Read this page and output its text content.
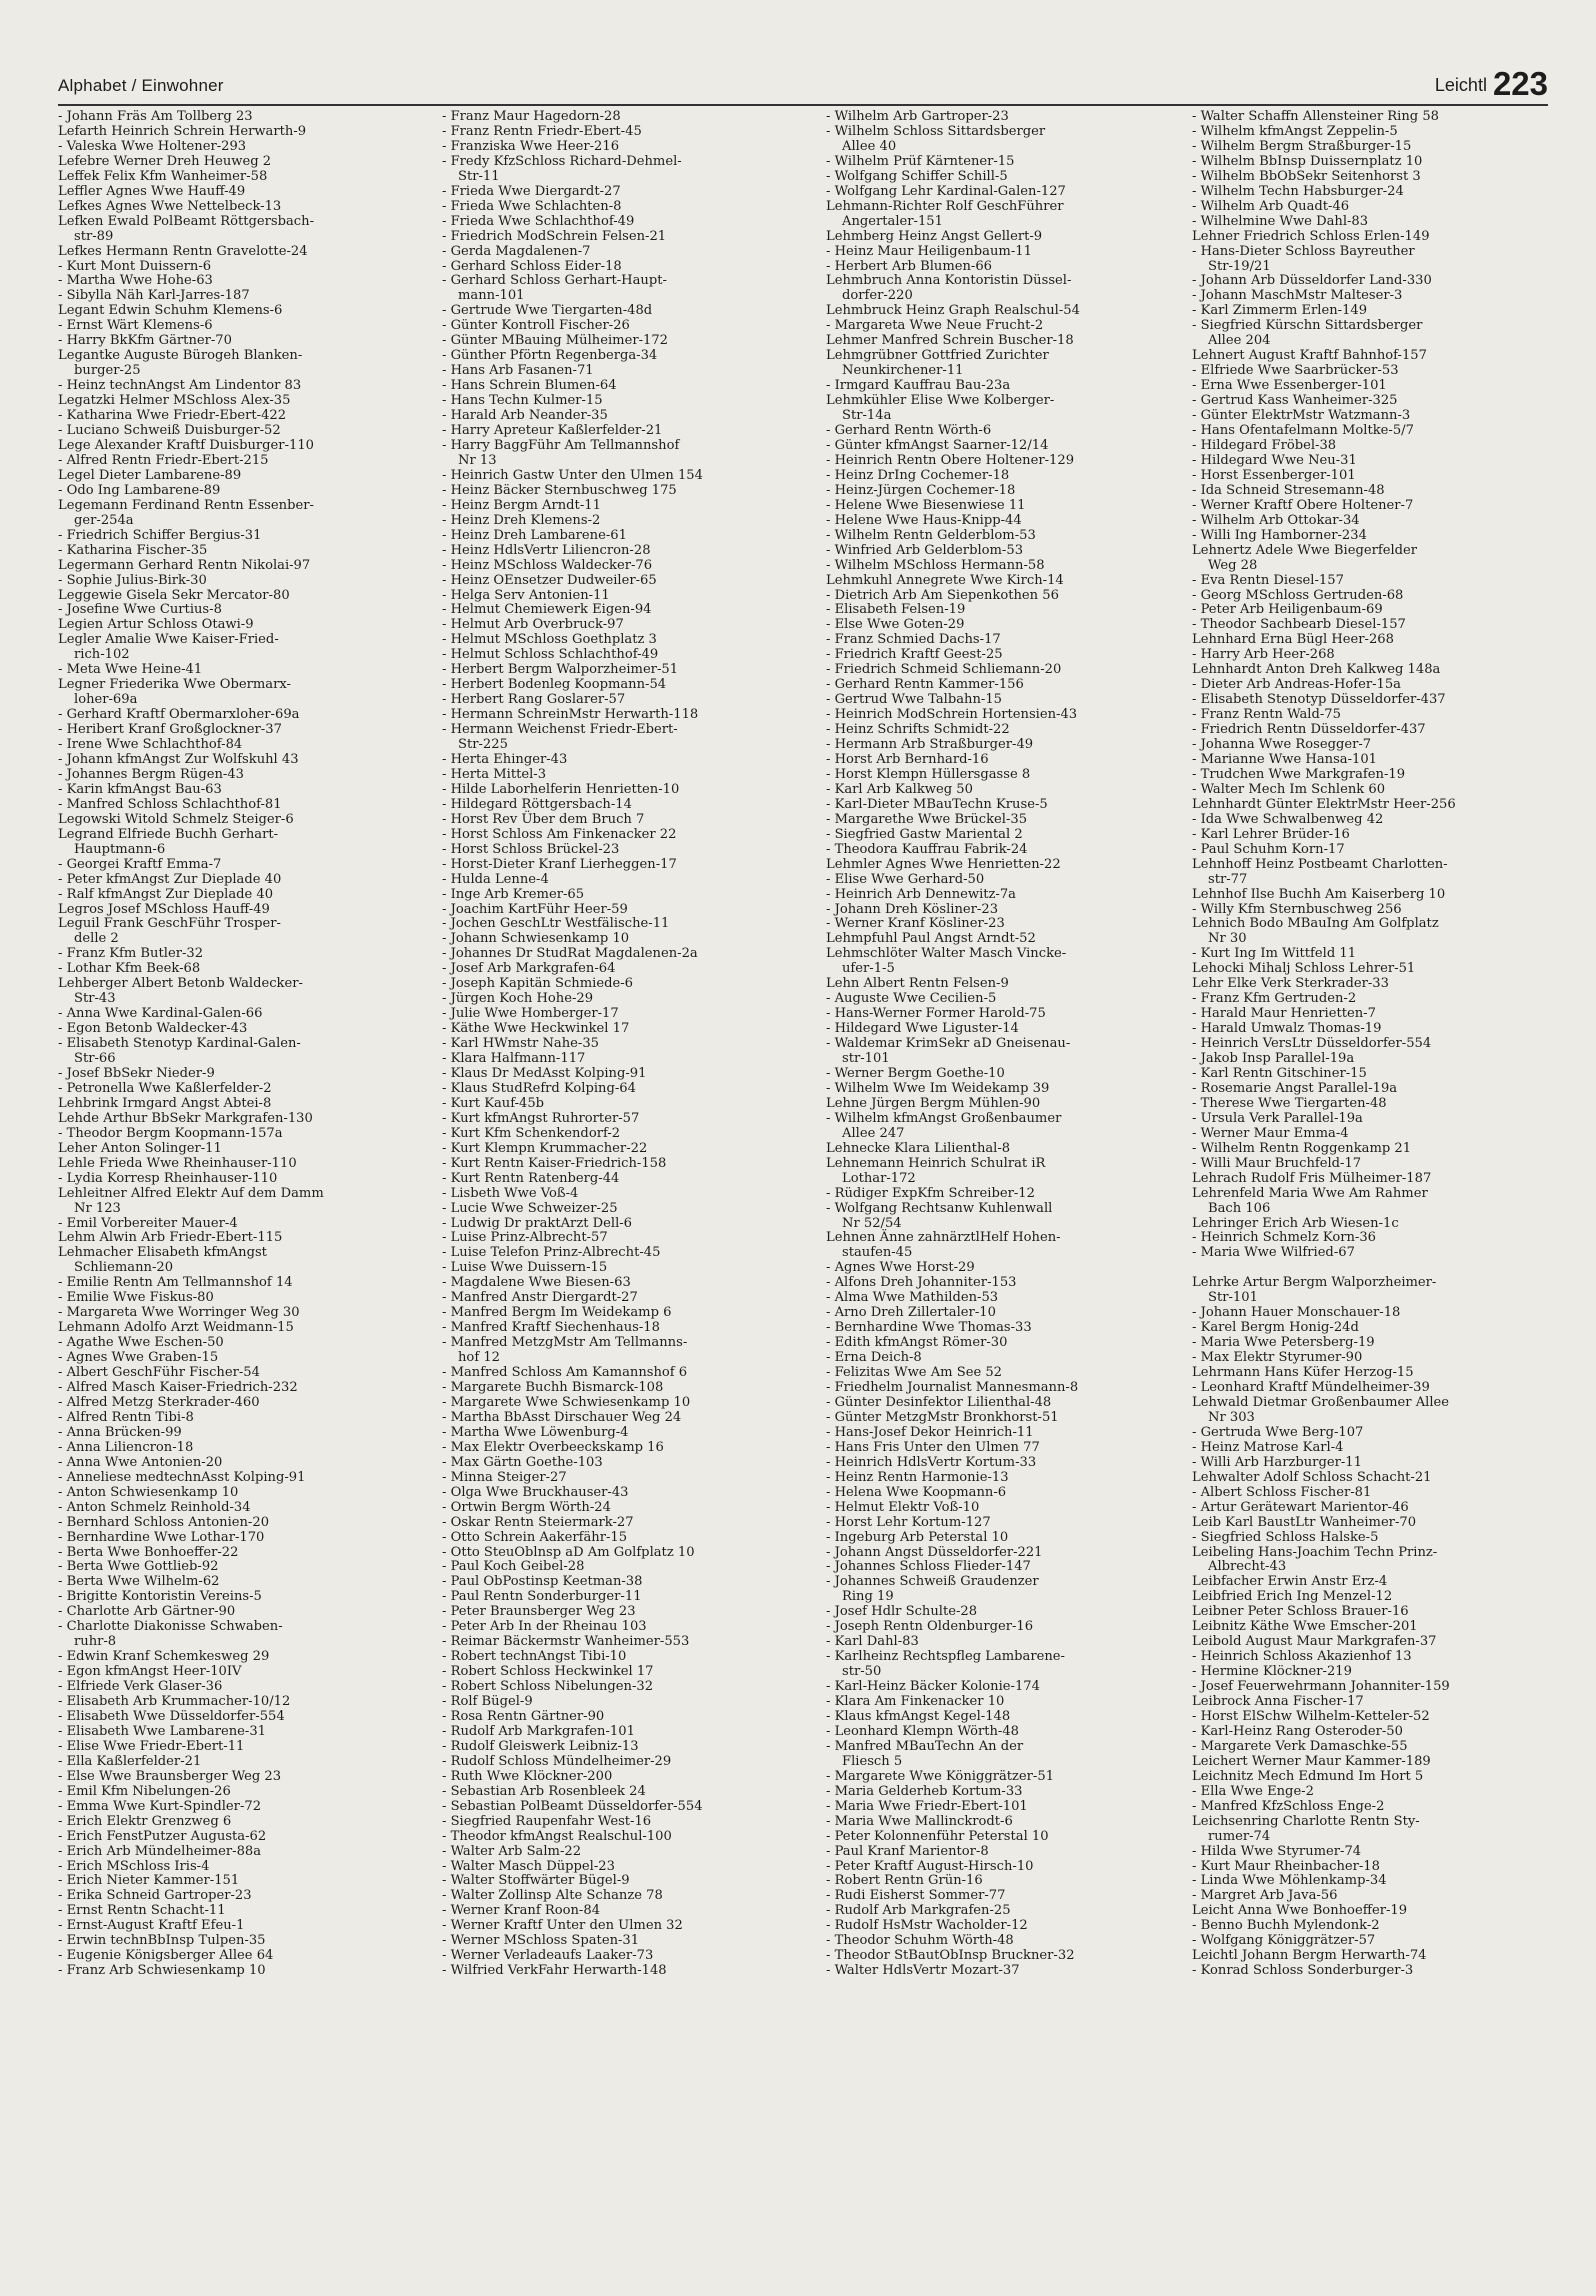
Alphabet / Einwohner	Leichtl 223
- Johann Fräs Am Tollberg 23
Lefarth Heinrich Schrein Herwarth-9
- Valeska Wwe Holtener-293
Lefebre Werner Dreh Heuweg 2
Leffek Felix Kfm Wanheimer-58
Leffler Agnes Wwe Hauff-49
Lefkes Agnes Wwe Nettelbeck-13
Lefken Ewald PolBeamt Röttgersbach-
str-89
Lefkes Hermann Rentn Gravelotte-24
- Kurt Mont Duissern-6
- Martha Wwe Hohe-63
- Sibylla Näh Karl-Jarres-187
Legant Edwin Schuhm Klemens-6
- Ernst Wärt Klemens-6
- Harry BkKfm Gärtner-70
Legantke Auguste Bürogeh Blanken-
burger-25
- Heinz technAngst Am Lindentor 83
Legatzki Helmer MSchloss Alex-35
- Katharina Wwe Friedr-Ebert-422
- Luciano Schweiß Duisburger-52
Lege Alexander Kraftf Duisburger-110
- Alfred Rentn Friedr-Ebert-215
Legel Dieter Lambarene-89
- Odo Ing Lambarene-89
Legemann Ferdinand Rentn Essenber-
ger-254a
- Friedrich Schiffer Bergius-31
- Katharina Fischer-35
Legermann Gerhard Rentn Nikolai-97
- Sophie Julius-Birk-30
Leggewie Gisela Sekr Mercator-80
- Josefine Wwe Curtius-8
Legien Artur Schloss Otawi-9
Legler Amalie Wwe Kaiser-Fried-
rich-102
- Meta Wwe Heine-41
Legner Friederika Wwe Obermarx-
loher-69a
- Gerhard Kraftf Obermarxloher-69a
- Heribert Kranf Großglockner-37
- Irene Wwe Schlachthof-84
- Johann kfmAngst Zur Wolfskuhl 43
- Johannes Bergm Rügen-43
- Karin kfmAngst Bau-63
- Manfred Schloss Schlachthof-81
Legowski Witold Schmelz Steiger-6
Legrand Elfriede Buchh Gerhart-
Hauptmann-6
- Georgei Kraftf Emma-7
- Peter kfmAngst Zur Dieplade 40
- Ralf kfmAngst Zur Dieplade 40
Legros Josef MSchloss Hauff-49
Leguil Frank GeschFühr Trosper-
delle 2
- Franz Kfm Butler-32
- Lothar Kfm Beek-68
Lehberger Albert Betonb Waldecker-
Str-43
- Anna Wwe Kardinal-Galen-66
- Egon Betonb Waldecker-43
- Elisabeth Stenotyp Kardinal-Galen-
Str-66
- Josef BbSekr Nieder-9
- Petronella Wwe Kaßlerfelder-2
Lehbrink Irmgard Angst Abtei-8
Lehde Arthur BbSekr Markgrafen-130
- Theodor Bergm Koopmann-157a
Leher Anton Solinger-11
Lehle Frieda Wwe Rheinhauser-110
- Lydia Korresp Rheinhauser-110
Lehleitner Alfred Elektr Auf dem Damm
Nr 123
- Emil Vorbereiter Mauer-4
Lehm Alwin Arb Friedr-Ebert-115
Lehmacher Elisabeth kfmAngst
Schliemann-20
- Emilie Rentn Am Tellmannshof 14
- Emilie Wwe Fiskus-80
- Margareta Wwe Worringer Weg 30
Lehmann Adolfo Arzt Weidmann-15
- Agathe Wwe Eschen-50
- Agnes Wwe Graben-15
- Albert GeschFühr Fischer-54
- Alfred Masch Kaiser-Friedrich-232
- Alfred Metzg Sterkrader-460
- Alfred Rentn Tibi-8
- Anna Brücken-99
- Anna Liliencron-18
- Anna Wwe Antonien-20
- Anneliese medtechnAsst Kolping-91
- Anton Schwiesenkamp 10
- Anton Schmelz Reinhold-34
- Bernhard Schloss Antonien-20
- Bernhardine Wwe Lothar-170
- Berta Wwe Bonhoeffer-22
- Berta Wwe Gottlieb-92
- Berta Wwe Wilhelm-62
- Brigitte Kontoristin Vereins-5
- Charlotte Arb Gärtner-90
- Charlotte Diakonisse Schwaben-
ruhr-8
- Edwin Kranf Schemkesweg 29
- Egon kfmAngst Heer-10IV
- Elfriede Verk Glaser-36
- Elisabeth Arb Krummacher-10/12
- Elisabeth Wwe Düsseldorfer-554
- Elisabeth Wwe Lambarene-31
- Elise Wwe Friedr-Ebert-11
- Ella Kaßlerfelder-21
- Else Wwe Braunsberger Weg 23
- Emil Kfm Nibelungen-26
- Emma Wwe Kurt-Spindler-72
- Erich Elektr Grenzweg 6
- Erich FenstPutzer Augusta-62
- Erich Arb Mündelheimer-88a
- Erich MSchloss Iris-4
- Erich Nieter Kammer-151
- Erika Schneid Gartroper-23
- Ernst Rentn Schacht-11
- Ernst-August Kraftf Efeu-1
- Erwin technBbInsp Tulpen-35
- Eugenie Königsberger Allee 64
- Franz Arb Schwiesenkamp 10
- Franz Maur Hagedorn-28
- Franz Rentn Friedr-Ebert-45
- Franziska Wwe Heer-216
- Fredy KfzSchloss Richard-Dehmel-
Str-11
- Frieda Wwe Diergardt-27
- Frieda Wwe Schlachten-8
- Frieda Wwe Schlachthof-49
- Friedrich ModSchrein Felsen-21
- Gerda Magdalenen-7
- Gerhard Schloss Eider-18
- Gerhard Schloss Gerhart-Haupt-
mann-101
- Gertrude Wwe Tiergarten-48d
- Günter Kontroll Fischer-26
- Günter MBauing Mülheimer-172
- Günther Pförtn Regenberga-34
- Hans Arb Fasanen-71
- Hans Schrein Blumen-64
- Hans Techn Kulmer-15
- Harald Arb Neander-35
- Harry Apreteur Kaßlerfelder-21
- Harry BaggFühr Am Tellmannshof
Nr 13
- Heinrich Gastw Unter den Ulmen 154
- Heinz Bäcker Sternbuschweg 175
- Heinz Bergm Arndt-11
- Heinz Dreh Klemens-2
- Heinz Dreh Lambarene-61
- Heinz HdlsVertr Liliencron-28
- Heinz MSchloss Waldecker-76
- Heinz OEnsetzer Dudweiler-65
- Helga Serv Antonien-11
- Helmut Chemiewerk Eigen-94
- Helmut Arb Overbruck-97
- Helmut MSchloss Goethplatz 3
- Helmut Schloss Schlachthof-49
- Herbert Bergm Walporzheimer-51
- Herbert Bodenleg Koopmann-54
- Herbert Rang Goslarer-57
- Hermann SchreinMstr Herwarth-118
- Hermann Weichenst Friedr-Ebert-
Str-225
- Herta Ehinger-43
- Herta Mittel-3
- Hilde Laborhelferin Henrietten-10
- Hildegard Röttgersbach-14
- Horst Rev Über dem Bruch 7
- Horst Schloss Am Finkenacker 22
- Horst Schloss Brückel-23
- Horst-Dieter Kranf Lierheggen-17
- Hulda Lenne-4
- Inge Arb Kremer-65
- Joachim KartFühr Heer-59
- Jochen GeschLtr Westfälische-11
- Johann Schwiesenkamp 10
- Johannes Dr StudRat Magdalenen-2a
- Josef Arb Markgrafen-64
- Joseph Kapitän Schmiede-6
- Jürgen Koch Hohe-29
- Julie Wwe Homberger-17
- Käthe Wwe Heckwinkel 17
- Karl HWmstr Nahe-35
- Klara Halfmann-117
- Klaus Dr MedAsst Kolping-91
- Klaus StudRefrd Kolping-64
- Kurt Kauf-45b
- Kurt kfmAngst Ruhrorter-57
- Kurt Kfm Schenkendorf-2
- Kurt Klempn Krummacher-22
- Kurt Rentn Kaiser-Friedrich-158
- Kurt Rentn Ratenberg-44
- Lisbeth Wwe Voß-4
- Lucie Wwe Schweizer-25
- Ludwig Dr praktArzt Dell-6
- Luise Prinz-Albrecht-57
- Luise Telefon Prinz-Albrecht-45
- Luise Wwe Duissern-15
- Magdalene Wwe Biesen-63
- Manfred Anstr Diergardt-27
- Manfred Bergm Im Weidekamp 6
- Manfred Kraftf Siechenhaus-18
- Manfred MetzgMstr Am Tellmanns-
hof 12
- Manfred Schloss Am Kamannshof 6
- Margarete Buchh Bismarck-108
- Margarete Wwe Schwiesenkamp 10
- Martha BbAsst Dirschauer Weg 24
- Martha Wwe Löwenburg-4
- Max Elektr Overbeeckskamp 16
- Max Gärtn Goethe-103
- Minna Steiger-27
- Olga Wwe Bruckhauser-43
- Ortwin Bergm Wörth-24
- Oskar Rentn Steiermark-27
- Otto Schrein Aakerfähr-15
- Otto SteuOblnsp aD Am Golfplatz 10
- Paul Koch Geibel-28
- Paul ObPostinsp Keetman-38
- Paul Rentn Sonderburger-11
- Peter Braunsberger Weg 23
- Peter Arb In der Rheinau 103
- Reimar Bäckermstr Wanheimer-553
- Robert technAngst Tibi-10
- Robert Schloss Heckwinkel 17
- Robert Schloss Nibelungen-32
- Rolf Bügel-9
- Rosa Rentn Gärtner-90
- Rudolf Arb Markgrafen-101
- Rudolf Gleiswerk Leibniz-13
- Rudolf Schloss Mündelheimer-29
- Ruth Wwe Klöckner-200
- Sebastian Arb Rosenbleek 24
- Sebastian PolBeamt Düsseldorfer-554
- Siegfried Raupenfahr West-16
- Theodor kfmAngst Realschul-100
- Walter Arb Salm-22
- Walter Masch Düppel-23
- Walter Stoffwärter Bügel-9
- Walter Zollinsp Alte Schanze 78
- Werner Kranf Roon-84
- Werner Kraftf Unter den Ulmen 32
- Werner MSchloss Spaten-31
- Werner Verladeaufs Laaker-73
- Wilfried VerkFahr Herwarth-148
- Wilhelm Arb Gartroper-23
- Wilhelm Schloss Sittardsberger
Allee 40
- Wilhelm Prüf Kärntener-15
- Wolfgang Schiffer Schill-5
- Wolfgang Lehr Kardinal-Galen-127
Lehmann-Richter Rolf GeschFührer
Angertaler-151
Lehmberg Heinz Angst Gellert-9
- Heinz Maur Heiligenbaum-11
- Herbert Arb Blumen-66
Lehmbruch Anna Kontoristin Düssel-
dorfer-220
Lehmbruck Heinz Graph Realschul-54
- Margareta Wwe Neue Frucht-2
Lehmer Manfred Schrein Buscher-18
Lehmgrübner Gottfried Zurichter
Neunkirchener-11
- Irmgard Kauffrau Bau-23a
Lehmkühler Elise Wwe Kolberger-
Str-14a
- Gerhard Rentn Wörth-6
- Günter kfmAngst Saarner-12/14
- Heinrich Rentn Obere Holtener-129
- Heinz DrIng Cochemer-18
- Heinz-Jürgen Cochemer-18
- Helene Wwe Biesenwiese 11
- Helene Wwe Haus-Knipp-44
- Wilhelm Rentn Gelderblom-53
- Winfried Arb Gelderblom-53
- Wilhelm MSchloss Hermann-58
Lehmkuhl Annegrete Wwe Kirch-14
- Dietrich Arb Am Siepenkothen 56
- Elisabeth Felsen-19
- Else Wwe Goten-29
- Franz Schmied Dachs-17
- Friedrich Kraftf Geest-25
- Friedrich Schmeid Schliemann-20
- Gerhard Rentn Kammer-156
- Gertrud Wwe Talbahn-15
- Heinrich ModSchrein Hortensien-43
- Heinz Schrifts Schmidt-22
- Hermann Arb Straßburger-49
- Horst Arb Bernhard-16
- Horst Klempn Hüllersgasse 8
- Karl Arb Kalkweg 50
- Karl-Dieter MBauTechn Kruse-5
- Margarethe Wwe Brückel-35
- Siegfried Gastw Mariental 2
- Theodora Kauffrau Fabrik-24
Lehmler Agnes Wwe Henrietten-22
- Elise Wwe Gerhard-50
- Heinrich Arb Dennewitz-7a
- Johann Dreh Kösliner-23
- Werner Kranf Kösliner-23
Lehmpfuhl Paul Angst Arndt-52
Lehmschlöter Walter Masch Vincke-
ufer-1-5
Lehn Albert Rentn Felsen-9
- Auguste Wwe Cecilien-5
- Hans-Werner Former Harold-75
- Hildegard Wwe Liguster-14
- Waldemar KrimSekr aD Gneisenau-
str-101
- Werner Bergm Goethe-10
- Wilhelm Wwe Im Weidekamp 39
Lehne Jürgen Bergm Mühlen-90
- Wilhelm kfmAngst Großenbaumer
Allee 247
Lehnecke Klara Lilienthal-8
Lehnemann Heinrich Schulrat iR
Lothar-172
- Rüdiger ExpKfm Schreiber-12
- Wolfgang Rechtsanw Kuhlenwall
Nr 52/54
Lehnen Änne zahnärztlHelf Hohen-
staufen-45
- Agnes Wwe Horst-29
- Alfons Dreh Johanniter-153
- Alma Wwe Mathilden-53
- Arno Dreh Zillertaler-10
- Bernhardine Wwe Thomas-33
- Edith kfmAngst Römer-30
- Erna Deich-8
- Felizitas Wwe Am See 52
- Friedhelm Journalist Mannesmann-8
- Günter Desinfektor Lilienthal-48
- Günter MetzgMstr Bronkhorst-51
- Hans-Josef Dekor Heinrich-11
- Hans Fris Unter den Ulmen 77
- Heinrich HdlsVertr Kortum-33
- Heinz Rentn Harmonie-13
- Helena Wwe Koopmann-6
- Helmut Elektr Voß-10
- Horst Lehr Kortum-127
- Ingeburg Arb Peterstal 10
- Johann Angst Düsseldorfer-221
- Johannes Schloss Flieder-147
- Johannes Schweiß Graudenzer
Ring 19
- Josef Hdlr Schulte-28
- Joseph Rentn Oldenburger-16
- Karl Dahl-83
- Karlheinz Rechtspfleg Lambarene-
str-50
- Karl-Heinz Bäcker Kolonie-174
- Klara Am Finkenacker 10
- Klaus kfmAngst Kegel-148
- Leonhard Klempn Wörth-48
- Manfred MBauTechn An der
Fliesch 5
- Margarete Wwe Königgrätzer-51
- Maria Gelderheb Kortum-33
- Maria Wwe Friedr-Ebert-101
- Maria Wwe Mallinckrodt-6
- Peter Kolonnenführ Peterstal 10
- Paul Kranf Marientor-8
- Peter Kraftf August-Hirsch-10
- Robert Rentn Grün-16
- Rudi Eisherst Sommer-77
- Rudolf Arb Markgrafen-25
- Rudolf HsMstr Wacholder-12
- Theodor Schuhm Wörth-48
- Theodor StBautObInsp Bruckner-32
- Walter HdlsVertr Mozart-37
- Walter Schaffn Allensteiner Ring 58
- Wilhelm kfmAngst Zeppelin-5
- Wilhelm Bergm Straßburger-15
- Wilhelm BbInsp Duissernplatz 10
- Wilhelm BbObSekr Seitenhorst 3
- Wilhelm Techn Habsburger-24
- Wilhelm Arb Quadt-46
- Wilhelmine Wwe Dahl-83
Lehner Friedrich Schloss Erlen-149
- Hans-Dieter Schloss Bayreuther
Str-19/21
- Johann Arb Düsseldorfer Land-330
- Johann MaschMstr Malteser-3
- Karl Zimmerm Erlen-149
- Siegfried Kürschn Sittardsberger
Allee 204
Lehnert August Kraftf Bahnhof-157
- Elfriede Wwe Saarbrücker-53
- Erna Wwe Essenberger-101
- Gertrud Kass Wanheimer-325
- Günter ElektrMstr Watzmann-3
- Hans Ofentafelmann Moltke-5/7
- Hildegard Fröbel-38
- Hildegard Wwe Neu-31
- Horst Essenberger-101
- Ida Schneid Stresemann-48
- Werner Kraftf Obere Holtener-7
- Wilhelm Arb Ottokar-34
- Willi Ing Hamborner-234
Lehnertz Adele Wwe Biegerfelder
Weg 28
- Eva Rentn Diesel-157
- Georg MSchloss Gertruden-68
- Peter Arb Heiligenbaum-69
- Theodor Sachbearb Diesel-157
Lehnhard Erna Bügl Heer-268
- Harry Arb Heer-268
Lehnhardt Anton Dreh Kalkweg 148a
- Dieter Arb Andreas-Hofer-15a
- Elisabeth Stenotyp Düsseldorfer-437
- Franz Rentn Wald-75
- Friedrich Rentn Düsseldorfer-437
- Johanna Wwe Rosegger-7
- Marianne Wwe Hansa-101
- Trudchen Wwe Markgrafen-19
- Walter Mech Im Schlenk 60
Lehnhardt Günter ElektrMstr Heer-256
- Ida Wwe Schwalbenweg 42
- Karl Lehrer Brüder-16
- Paul Schuhm Korn-17
Lehnhoff Heinz Postbeamt Charlotten-
str-77
Lehnhof Ilse Buchh Am Kaiserberg 10
- Willy Kfm Sternbuschweg 256
Lehnich Bodo MBauIng Am Golfplatz
Nr 30
- Kurt Ing Im Wittfeld 11
Lehocki Mihalj Schloss Lehrer-51
Lehr Elke Verk Sterkrader-33
- Franz Kfm Gertruden-2
- Harald Maur Henrietten-7
- Harald Umwalz Thomas-19
- Heinrich VersLtr Düsseldorfer-554
- Jakob Insp Parallel-19a
- Karl Rentn Gitschiner-15
- Rosemarie Angst Parallel-19a
- Therese Wwe Tiergarten-48
- Ursula Verk Parallel-19a
- Werner Maur Emma-4
- Wilhelm Rentn Roggenkamp 21
- Willi Maur Bruchfeld-17
Lehrach Rudolf Fris Mülheimer-187
Lehrenfeld Maria Wwe Am Rahmer
Bach 106
Lehringer Erich Arb Wiesen-1c
- Heinrich Schmelz Korn-36
- Maria Wwe Wilfried-67

Lehrke Artur Bergm Walporzheimer-
Str-101
- Johann Hauer Monschauer-18
- Karel Bergm Honig-24d
- Maria Wwe Petersberg-19
- Max Elektr Styrumer-90
Lehrmann Hans Küfer Herzog-15
- Leonhard Kraftf Mündelheimer-39
Lehwald Dietmar Großenbaumer Allee
Nr 303
- Gertruda Wwe Berg-107
- Heinz Matrose Karl-4
- Willi Arb Harzburger-11
Lehwalter Adolf Schloss Schacht-21
- Albert Schloss Fischer-81
- Artur Gerätewart Marientor-46
Leib Karl BaustLtr Wanheimer-70
- Siegfried Schloss Halske-5
Leibeling Hans-Joachim Techn Prinz-
Albrecht-43
Leibfacher Erwin Anstr Erz-4
Leibfried Erich Ing Menzel-12
Leibner Peter Schloss Brauer-16
Leibnitz Käthe Wwe Emscher-201
Leibold August Maur Markgrafen-37
- Heinrich Schloss Akazienhof 13
- Hermine Klöckner-219
- Josef Feuerwehrmann Johanniter-159
Leibrock Anna Fischer-17
- Horst ElSchw Wilhelm-Ketteler-52
- Karl-Heinz Rang Osteroder-50
- Margarete Verk Damaschke-55
Leichert Werner Maur Kammer-189
Leichnitz Mech Edmund Im Hort 5
- Ella Wwe Enge-2
- Manfred KfzSchloss Enge-2
Leichsenring Charlotte Rentn Sty-
rumer-74
- Hilda Wwe Styrumer-74
- Kurt Maur Rheinbacher-18
- Linda Wwe Möhlenkamp-34
- Margret Arb Java-56
Leicht Anna Wwe Bonhoeffer-19
- Benno Buchh Mylendonk-2
- Wolfgang Königgrätzer-57
Leichtl Johann Bergm Herwarth-74
- Konrad Schloss Sonderburger-3
